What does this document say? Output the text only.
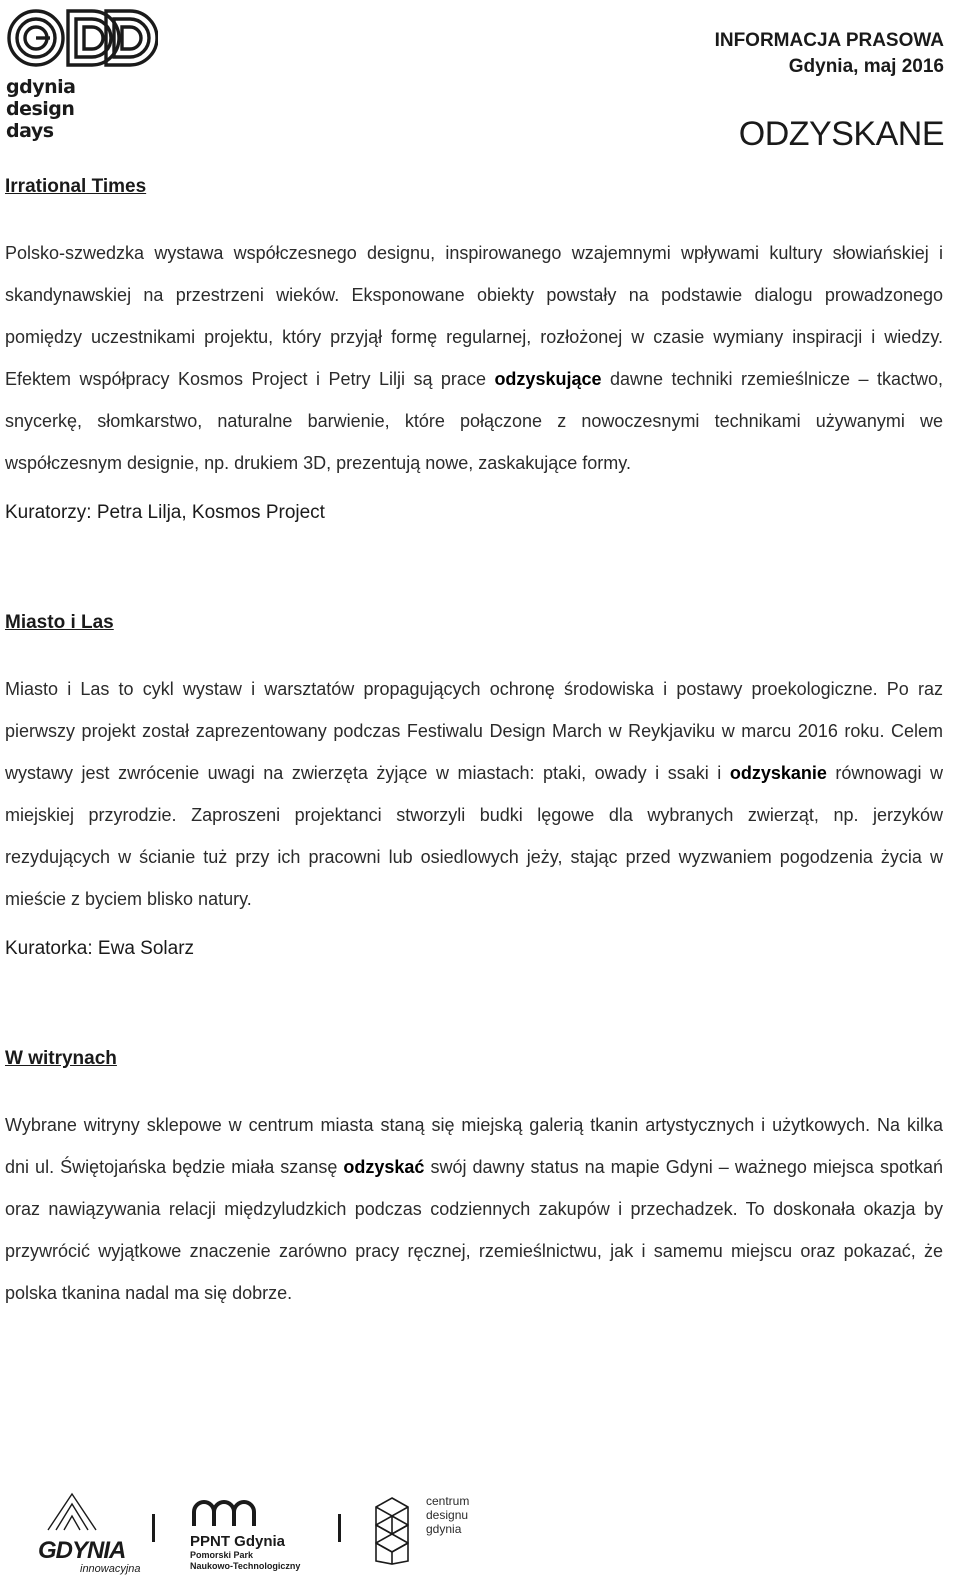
gdynia
design
days
INFORMACJA PRASOWA
Gdynia, maj 2016
ODZYSKANE
Irrational Times

Polsko-szwedzka wystawa współczesnego designu, inspirowanego wzajemnymi wpływami kultury słowiańskiej i skandynawskiej na przestrzeni wieków. Eksponowane obiekty powstały na podstawie dialogu prowadzonego pomiędzy uczestnikami projektu, który przyjął formę regularnej, rozłożonej w czasie wymiany inspiracji i wiedzy. Efektem współpracy Kosmos Project i Petry Lilji są prace odzyskujące dawne techniki rzemieślnicze – tkactwo, snycerkę, słomkarstwo, naturalne barwienie, które połączone z nowoczesnymi technikami używanymi we współczesnym designie, np. drukiem 3D, prezentują nowe, zaskakujące formy.

Kuratorzy: Petra Lilja, Kosmos Project

Miasto i Las

Miasto i Las to cykl wystaw i warsztatów propagujących ochronę środowiska i postawy proekologiczne. Po raz pierwszy projekt został zaprezentowany podczas Festiwalu Design March w Reykjaviku w marcu 2016 roku. Celem wystawy jest zwrócenie uwagi na zwierzęta żyjące w miastach: ptaki, owady i ssaki i odzyskanie równowagi w miejskiej przyrodzie. Zaproszeni projektanci stworzyli budki lęgowe dla wybranych zwierząt, np. jerzyków rezydujących w ścianie tuż przy ich pracowni lub osiedlowych jeży, stając przed wyzwaniem pogodzenia życia w mieście z byciem blisko natury.

Kuratorka: Ewa Solarz

W witrynach

Wybrane witryny sklepowe w centrum miasta staną się miejską galerią tkanin artystycznych i użytkowych. Na kilka dni ul. Świętojańska będzie miała szansę odzyskać swój dawny status na mapie Gdyni – ważnego miejsca spotkań oraz nawiązywania relacji międzyludzkich podczas codziennych zakupów i przechadzek. To doskonała okazja by przywrócić wyjątkowe znaczenie zarówno pracy ręcznej, rzemieślnictwu, jak i samemu miejscu oraz pokazać, że polska tkanina nadal ma się dobrze.

GDYNIA
innowacyjna
PPNT Gdynia
Pomorski Park
Naukowo-Technologiczny
centrum
designu
gdynia
